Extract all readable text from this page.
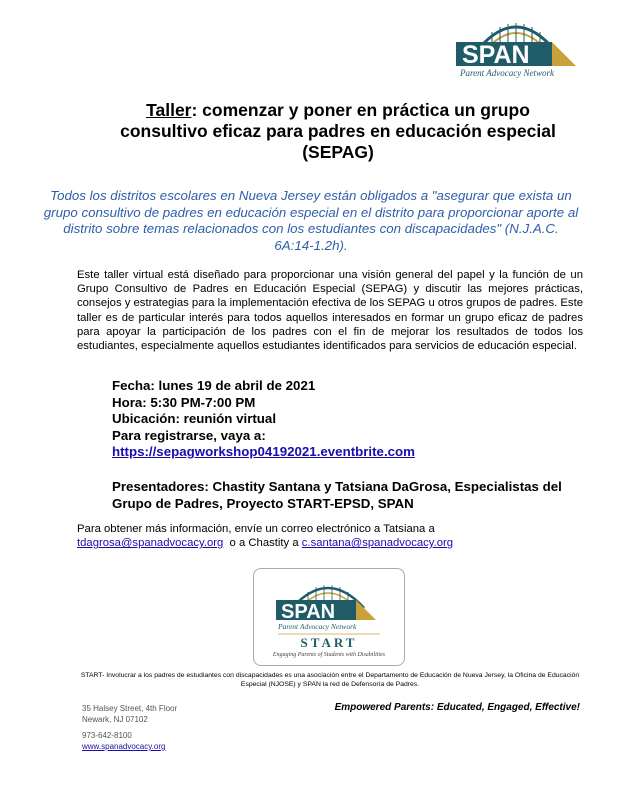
SPAN
Parent Advocacy Network
Taller: comenzar y poner en práctica un grupo consultivo eficaz para padres en educación especial (SEPAG)
Todos los distritos escolares en Nueva Jersey están obligados a "asegurar que exista un grupo consultivo de padres en educación especial en el distrito para proporcionar aporte al distrito sobre temas relacionados con los estudiantes con discapacidades" (N.J.A.C. 6A:14-1.2h).
Este taller virtual está diseñado para proporcionar una visión general del papel y la función de un Grupo Consultivo de Padres en Educación Especial (SEPAG) y discutir las mejores prácticas, consejos y estrategias para la implementación efectiva de los SEPAG u otros grupos de padres. Este taller es de particular interés para todos aquellos interesados en formar un grupo eficaz de padres para apoyar la participación de los padres con el fin de mejorar los resultados de todos los estudiantes, especialmente aquellos estudiantes identificados para servicios de educación especial.
Fecha: lunes 19 de abril de 2021
Hora: 5:30 PM-7:00 PM
Ubicación: reunión virtual
Para registrarse, vaya a:
https://sepagworkshop04192021.eventbrite.com
Presentadores: Chastity Santana y Tatsiana DaGrosa, Especialistas del Grupo de Padres, Proyecto START-EPSD, SPAN
Para obtener más información, envíe un correo electrónico a Tatsiana a
tdagrosa@spanadvocacy.org  o a Chastity a c.santana@spanadvocacy.org
SPAN
Parent Advocacy Network
START
Engaging Parents of Students with Disabilities
START- Involucrar a los padres de estudiantes con discapacidades es una asociación entre el Departamento de Educación de Nueva Jersey, la Oficina de Educación Especial (NJOSE) y SPAN la red de Defensoría de Padres.
35 Halsey Street, 4th Floor
Newark, NJ 07102
973-642-8100
www.spanadvocacy.org
Empowered Parents: Educated, Engaged, Effective!
